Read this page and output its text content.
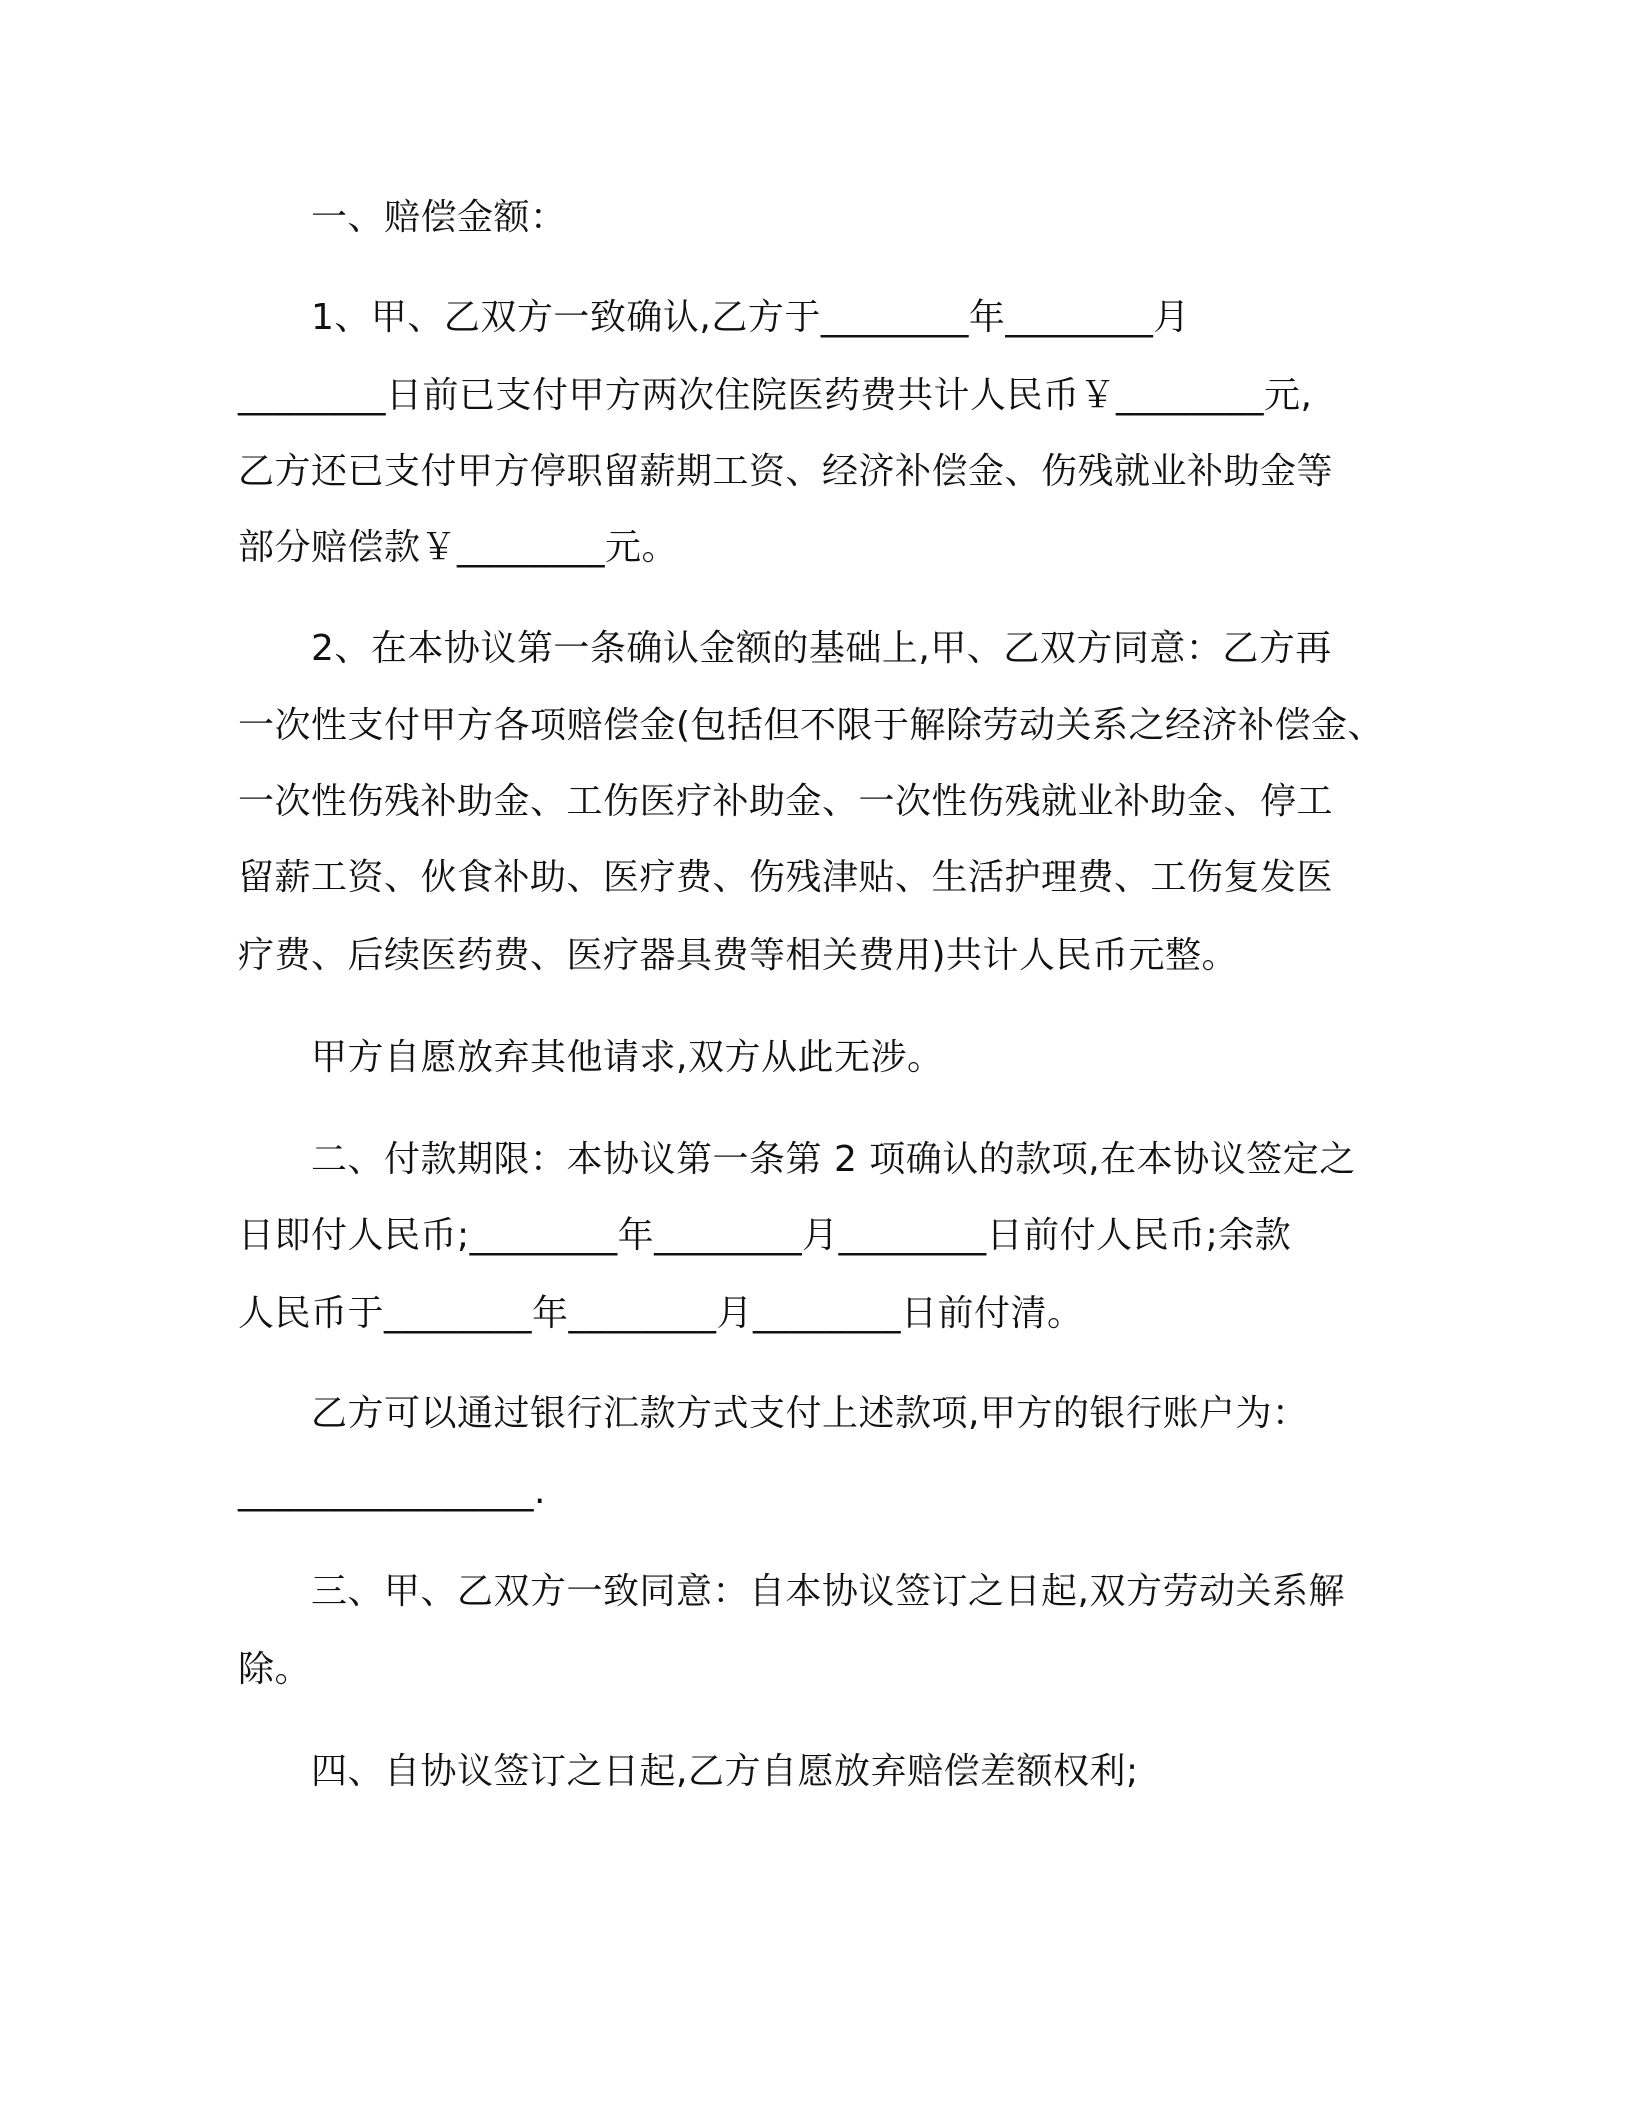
一、赔偿金额：
1、甲、乙双方一致确认,乙方于________年________月
________日前已支付甲方两次住院医药费共计人民币￥________元,
乙方还已支付甲方停职留薪期工资、经济补偿金、伤残就业补助金等
部分赔偿款￥________元。
2、在本协议第一条确认金额的基础上,甲、乙双方同意：乙方再
一次性支付甲方各项赔偿金(包括但不限于解除劳动关系之经济补偿金、
一次性伤残补助金、工伤医疗补助金、一次性伤残就业补助金、停工
留薪工资、伙食补助、医疗费、伤残津贴、生活护理费、工伤复发医
疗费、后续医药费、医疗器具费等相关费用)共计人民币元整。
甲方自愿放弃其他请求,双方从此无涉。
二、付款期限：本协议第一条第 2 项确认的款项,在本协议签定之
日即付人民币;________年________月________日前付人民币;余款
人民币于________年________月________日前付清。
乙方可以通过银行汇款方式支付上述款项,甲方的银行账户为：
________________.
三、甲、乙双方一致同意：自本协议签订之日起,双方劳动关系解
除。
四、自协议签订之日起,乙方自愿放弃赔偿差额权利;
